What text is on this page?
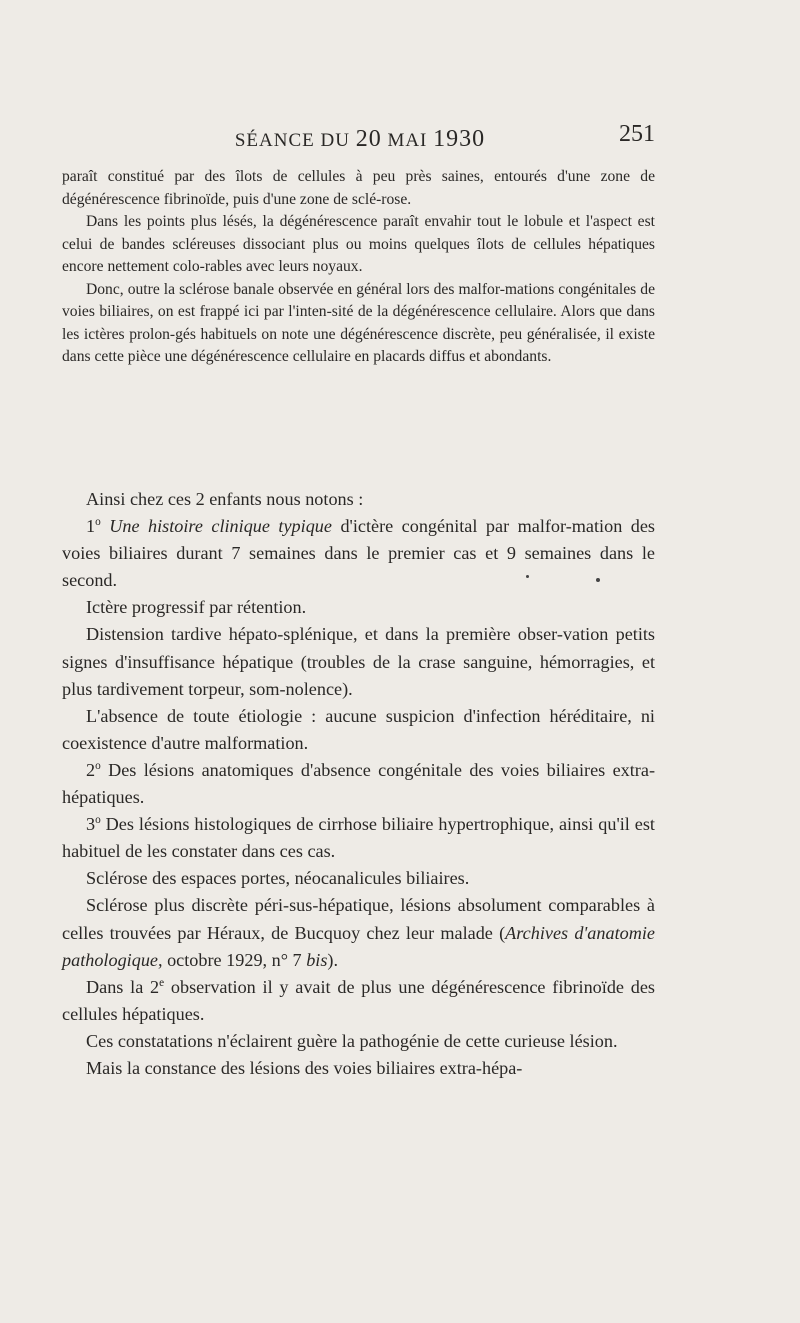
SÉANCE DU 20 MAI 1930	251

paraît constitué par des îlots de cellules à peu près saines, entourés d'une zone de dégénérescence fibrinoïde, puis d'une zone de sclé-rose.

Dans les points plus lésés, la dégénérescence paraît envahir tout le lobule et l'aspect est celui de bandes scléreuses dissociant plus ou moins quelques îlots de cellules hépatiques encore nettement colo-rables avec leurs noyaux.

Donc, outre la sclérose banale observée en général lors des malfor-mations congénitales de voies biliaires, on est frappé ici par l'inten-sité de la dégénérescence cellulaire. Alors que dans les ictères prolon-gés habituels on note une dégénérescence discrète, peu généralisée, il existe dans cette pièce une dégénérescence cellulaire en placards diffus et abondants.

Ainsi chez ces 2 enfants nous notons :

1$^o$ Une histoire clinique typique d'ictère congénital par malfor-mation des voies biliaires durant 7 semaines dans le premier cas et 9 semaines dans le second.

Ictère progressif par rétention.

Distension tardive hépato-splénique, et dans la première obser-vation petits signes d'insuffisance hépatique (troubles de la crase sanguine, hémorragies, et plus tardivement torpeur, som-nolence).

L'absence de toute étiologie : aucune suspicion d'infection héréditaire, ni coexistence d'autre malformation.

2$^o$ Des lésions anatomiques d'absence congénitale des voies biliaires extra-hépatiques.

3$^o$ Des lésions histologiques de cirrhose biliaire hypertrophique, ainsi qu'il est habituel de les constater dans ces cas.

Sclérose des espaces portes, néocanalicules biliaires.

Sclérose plus discrète péri-sus-hépatique, lésions absolument comparables à celles trouvées par Héraux, de Bucquoy chez leur malade (Archives d'anatomie pathologique, octobre 1929, n° 7 bis).

Dans la 2e observation il y avait de plus une dégénérescence fibrinoïde des cellules hépatiques.

Ces constatations n'éclairent guère la pathogénie de cette curieuse lésion.

Mais la constance des lésions des voies biliaires extra-hépa-
